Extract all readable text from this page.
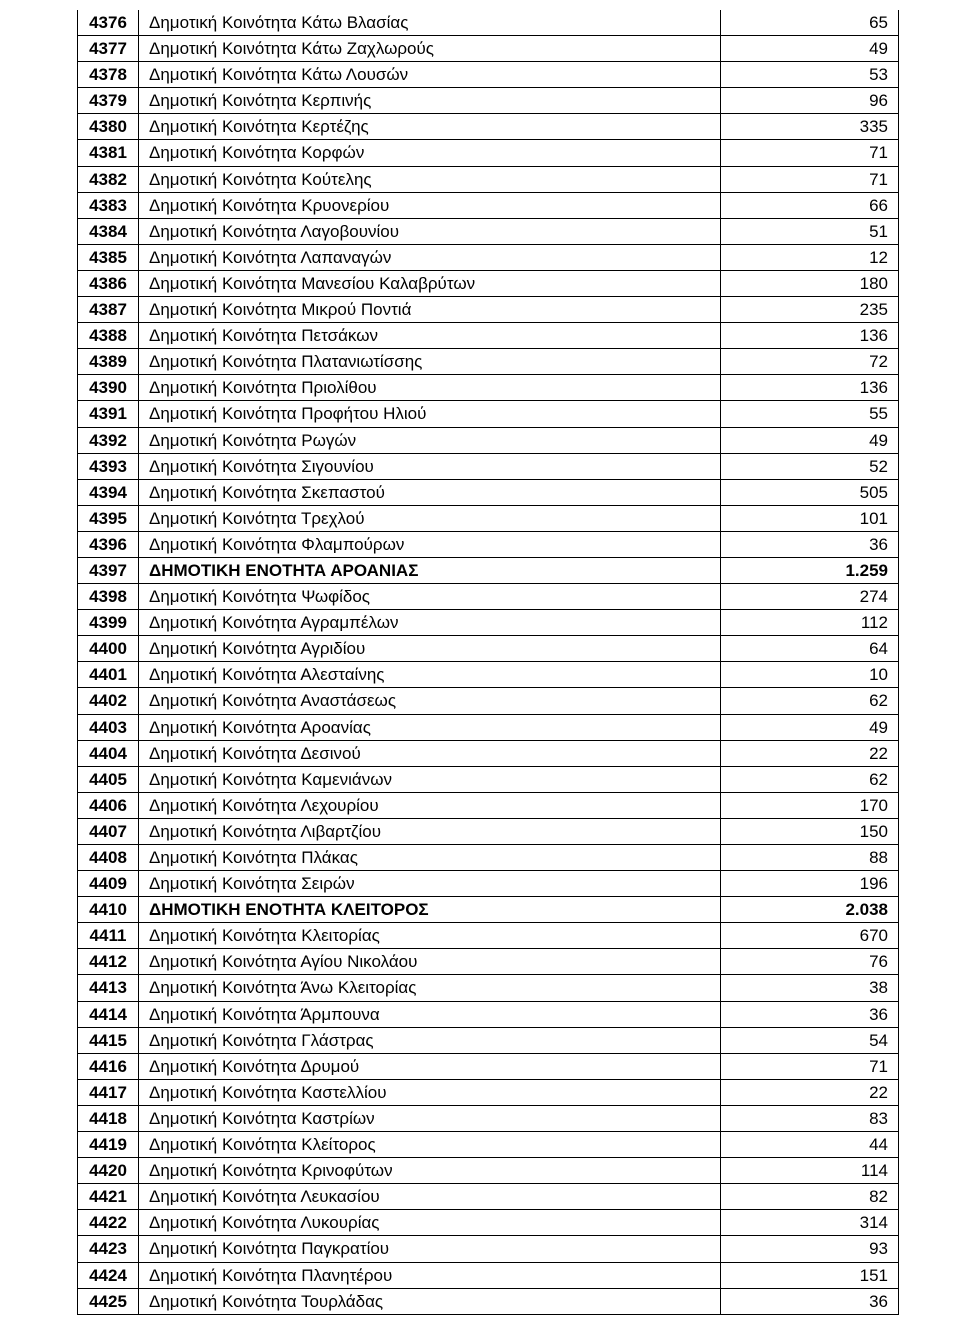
4376	Δημοτική Κοινότητα Κάτω Βλασίας	65
4377	Δημοτική Κοινότητα Κάτω Ζαχλωρούς	49
4378	Δημοτική Κοινότητα Κάτω Λουσών	53
4379	Δημοτική Κοινότητα Κερπινής	96
4380	Δημοτική Κοινότητα Κερτέζης	335
4381	Δημοτική Κοινότητα Κορφών	71
4382	Δημοτική Κοινότητα Κούτελης	71
4383	Δημοτική Κοινότητα Κρυονερίου	66
4384	Δημοτική Κοινότητα Λαγοβουνίου	51
4385	Δημοτική Κοινότητα Λαπαναγών	12
4386	Δημοτική Κοινότητα Μανεσίου Καλαβρύτων	180
4387	Δημοτική Κοινότητα Μικρού Ποντιά	235
4388	Δημοτική Κοινότητα Πετσάκων	136
4389	Δημοτική Κοινότητα Πλατανιωτίσσης	72
4390	Δημοτική Κοινότητα Πριολίθου	136
4391	Δημοτική Κοινότητα Προφήτου Ηλιού	55
4392	Δημοτική Κοινότητα Ρωγών	49
4393	Δημοτική Κοινότητα Σιγουνίου	52
4394	Δημοτική Κοινότητα Σκεπαστού	505
4395	Δημοτική Κοινότητα Τρεχλού	101
4396	Δημοτική Κοινότητα Φλαμπούρων	36
4397	ΔΗΜΟΤΙΚΗ ΕΝΟΤΗΤΑ ΑΡΟΑΝΙΑΣ	1.259
4398	Δημοτική Κοινότητα Ψωφίδος	274
4399	Δημοτική Κοινότητα Αγραμπέλων	112
4400	Δημοτική Κοινότητα Αγριδίου	64
4401	Δημοτική Κοινότητα Αλεσταίνης	10
4402	Δημοτική Κοινότητα Αναστάσεως	62
4403	Δημοτική Κοινότητα Αροανίας	49
4404	Δημοτική Κοινότητα Δεσινού	22
4405	Δημοτική Κοινότητα Καμενιάνων	62
4406	Δημοτική Κοινότητα Λεχουρίου	170
4407	Δημοτική Κοινότητα Λιβαρτζίου	150
4408	Δημοτική Κοινότητα Πλάκας	88
4409	Δημοτική Κοινότητα Σειρών	196
4410	ΔΗΜΟΤΙΚΗ ΕΝΟΤΗΤΑ ΚΛΕΙΤΟΡΟΣ	2.038
4411	Δημοτική Κοινότητα Κλειτορίας	670
4412	Δημοτική Κοινότητα Αγίου Νικολάου	76
4413	Δημοτική Κοινότητα Άνω Κλειτορίας	38
4414	Δημοτική Κοινότητα Άρμπουνα	36
4415	Δημοτική Κοινότητα Γλάστρας	54
4416	Δημοτική Κοινότητα Δρυμού	71
4417	Δημοτική Κοινότητα Καστελλίου	22
4418	Δημοτική Κοινότητα Καστρίων	83
4419	Δημοτική Κοινότητα Κλείτορος	44
4420	Δημοτική Κοινότητα Κρινοφύτων	114
4421	Δημοτική Κοινότητα Λευκασίου	82
4422	Δημοτική Κοινότητα Λυκουρίας	314
4423	Δημοτική Κοινότητα Παγκρατίου	93
4424	Δημοτική Κοινότητα Πλανητέρου	151
4425	Δημοτική Κοινότητα Τουρλάδας	36
